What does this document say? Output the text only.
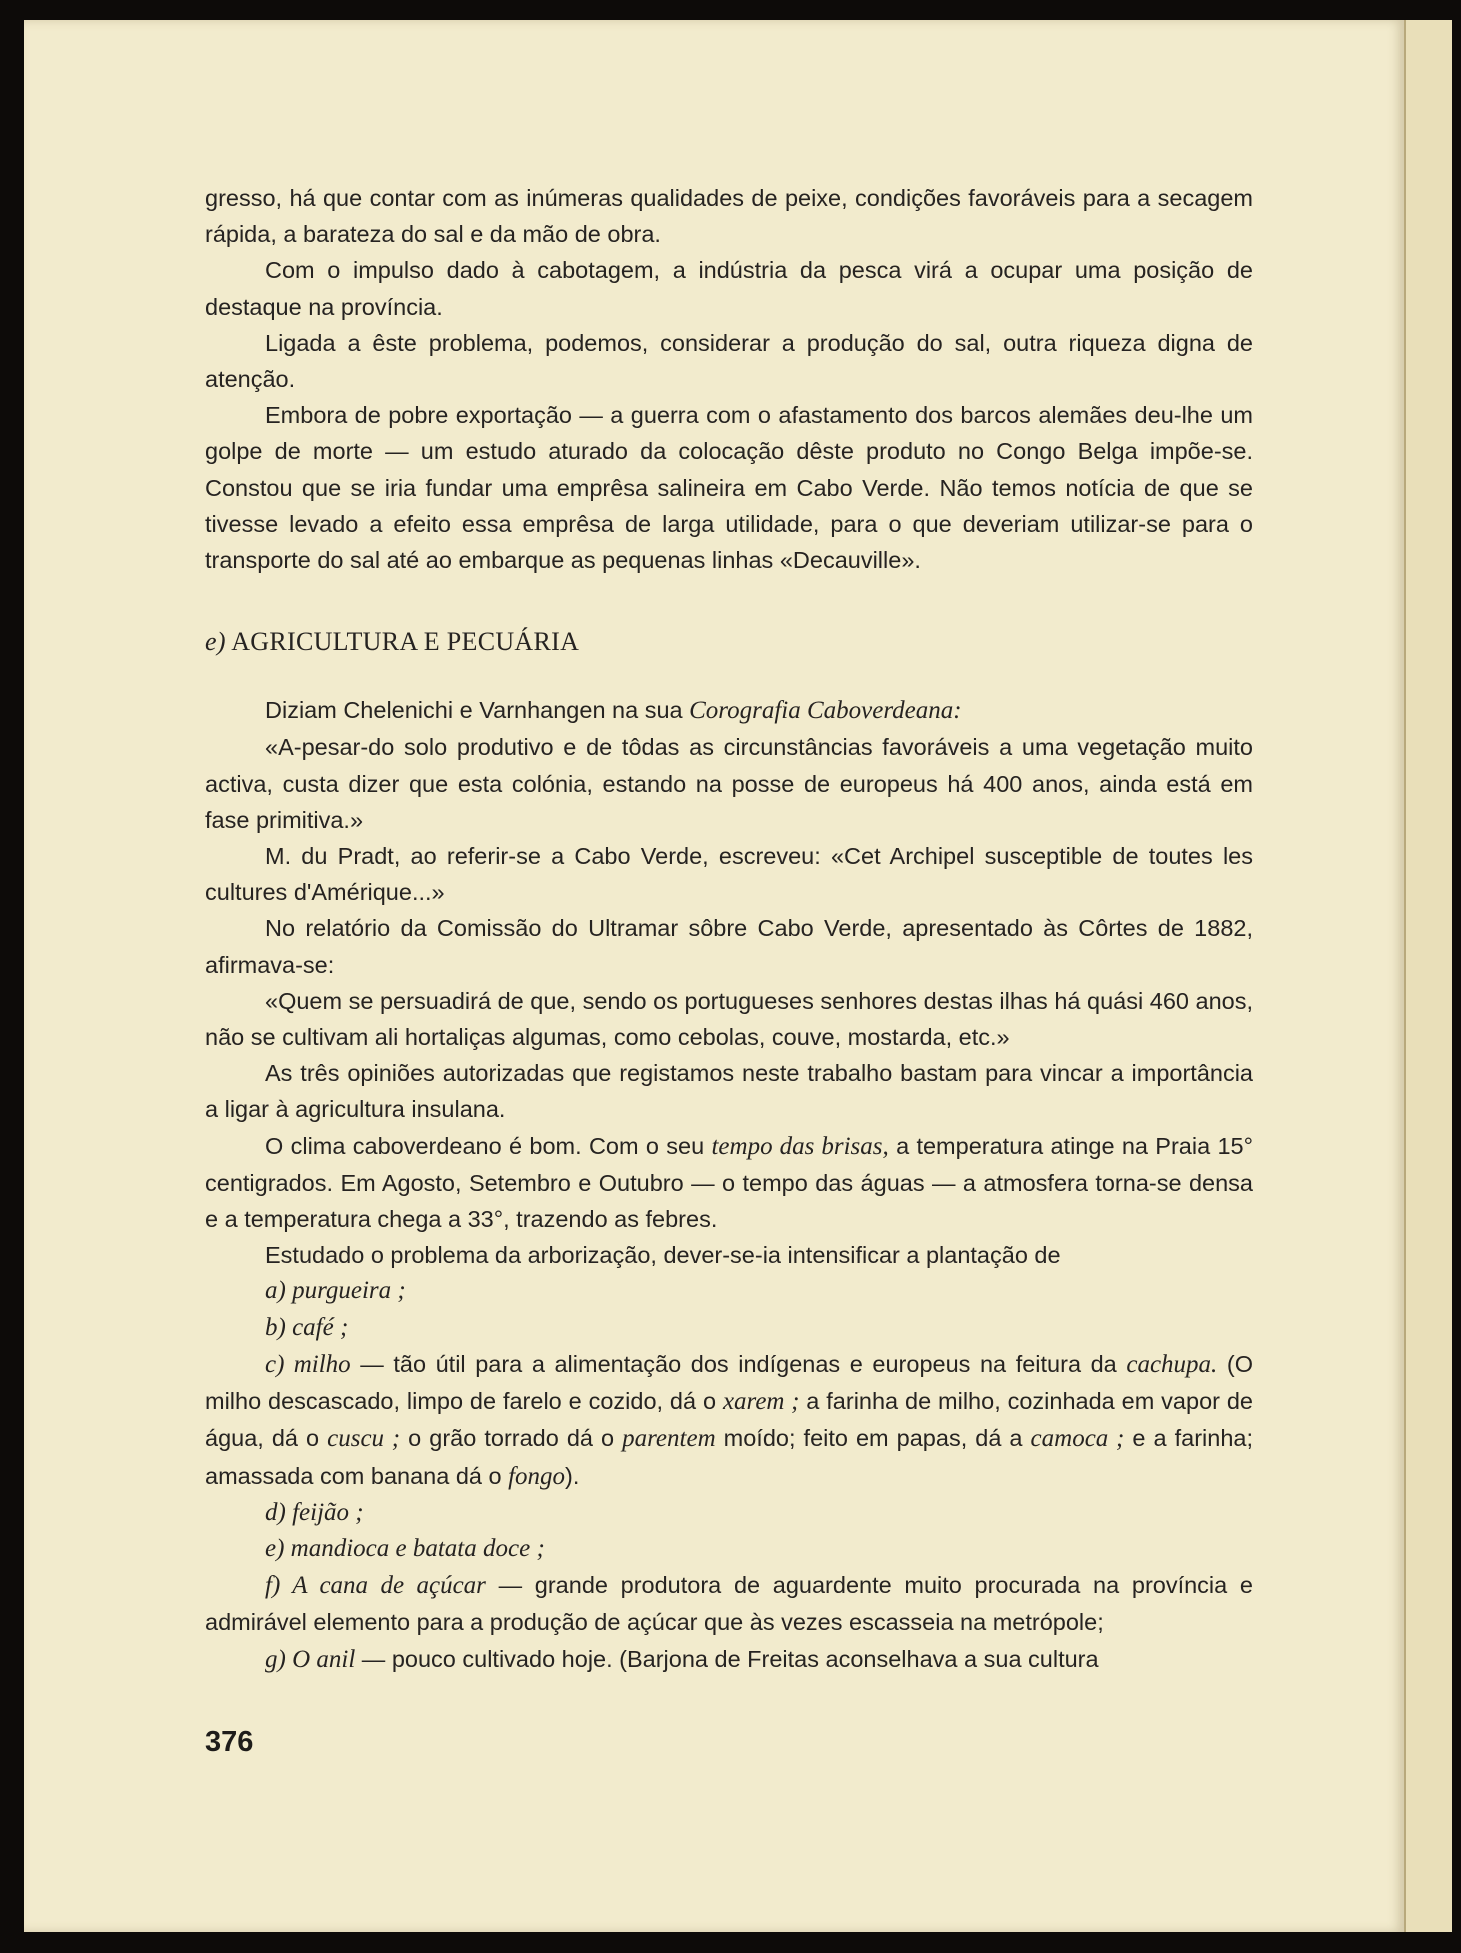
gresso, há que contar com as inúmeras qualidades de peixe, condições favoráveis para a secagem rápida, a barateza do sal e da mão de obra.

Com o impulso dado à cabotagem, a indústria da pesca virá a ocupar uma posição de destaque na província.

Ligada a êste problema, podemos, considerar a produção do sal, outra riqueza digna de atenção.

Embora de pobre exportação — a guerra com o afastamento dos barcos alemães deu-lhe um golpe de morte — um estudo aturado da colocação dêste produto no Congo Belga impõe-se. Constou que se iria fundar uma emprêsa salineira em Cabo Verde. Não temos notícia de que se tivesse levado a efeito essa emprêsa de larga utilidade, para o que deveriam utilizar-se para o transporte do sal até ao embarque as pequenas linhas «Decauville».

e) AGRICULTURA E PECUÁRIA

Diziam Chelenichi e Varnhangen na sua Corografia Caboverdeana:

«A-pesar-do solo produtivo e de tôdas as circunstâncias favoráveis a uma vegetação muito activa, custa dizer que esta colónia, estando na posse de europeus há 400 anos, ainda está em fase primitiva.»

M. du Pradt, ao referir-se a Cabo Verde, escreveu: «Cet Archipel susceptible de toutes les cultures d'Amérique...»

No relatório da Comissão do Ultramar sôbre Cabo Verde, apresentado às Côrtes de 1882, afirmava-se:

«Quem se persuadirá de que, sendo os portugueses senhores destas ilhas há quási 460 anos, não se cultivam ali hortaliças algumas, como cebolas, couve, mostarda, etc.»

As três opiniões autorizadas que registamos neste trabalho bastam para vincar a importância a ligar à agricultura insulana.

O clima caboverdeano é bom. Com o seu tempo das brisas, a temperatura atinge na Praia 15° centigrados. Em Agosto, Setembro e Outubro — o tempo das águas — a atmosfera torna-se densa e a temperatura chega a 33°, trazendo as febres.

Estudado o problema da arborização, dever-se-ia intensificar a plantação de

a) purgueira ;

b) café ;

c) milho — tão útil para a alimentação dos indígenas e europeus na feitura da cachupa. (O milho descascado, limpo de farelo e cozido, dá o xarem ; a farinha de milho, cozinhada em vapor de água, dá o cuscu ; o grão torrado dá o parentem moído; feito em papas, dá a camoca ; e a farinha; amassada com banana dá o fongo).

d) feijão ;

e) mandioca e batata doce ;

f) A cana de açúcar — grande produtora de aguardente muito procurada na província e admirável elemento para a produção de açúcar que às vezes escasseia na metrópole;

g) O anil — pouco cultivado hoje. (Barjona de Freitas aconselhava a sua cultura

376
